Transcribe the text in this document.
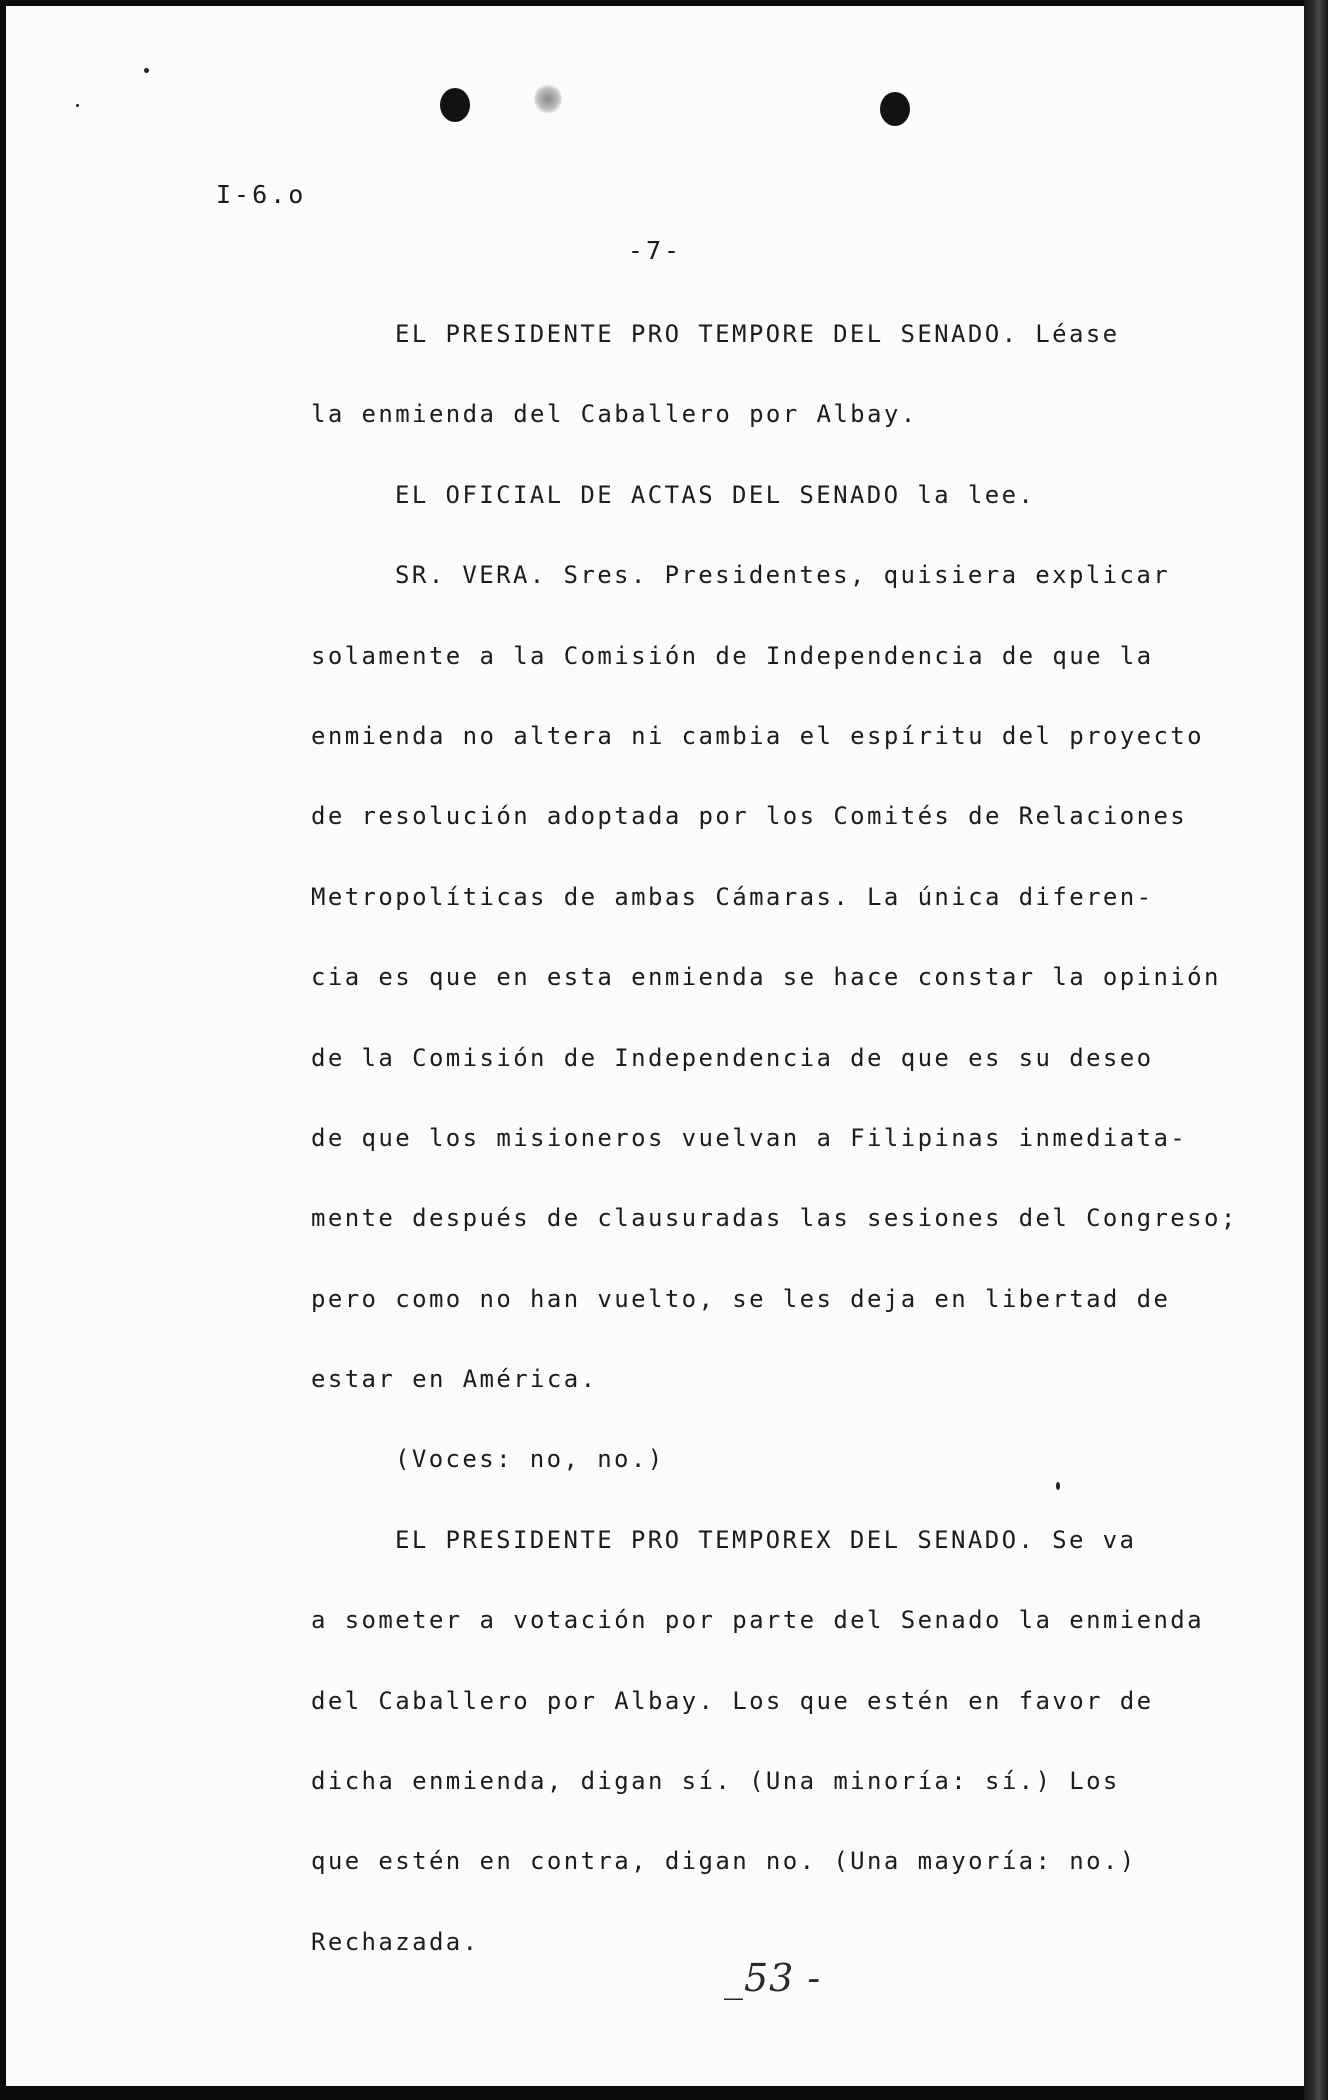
I-6.o
-7-
EL PRESIDENTE PRO TEMPORE DEL SENADO. Léase
la enmienda del Caballero por Albay.
EL OFICIAL DE ACTAS DEL SENADO la lee.
SR. VERA. Sres. Presidentes, quisiera explicar
solamente a la Comisión de Independencia de que la
enmienda no altera ni cambia el espíritu del proyecto
de resolución adoptada por los Comités de Relaciones
Metropolíticas de ambas Cámaras. La única diferen-
cia es que en esta enmienda se hace constar la opinión
de la Comisión de Independencia de que es su deseo
de que los misioneros vuelvan a Filipinas inmediata-
mente después de clausuradas las sesiones del Congreso;
pero como no han vuelto, se les deja en libertad de
estar en América.
(Voces: no, no.)
EL PRESIDENTE PRO TEMPOREX DEL SENADO. Se va
a someter a votación por parte del Senado la enmienda
del Caballero por Albay. Los que estén en favor de
dicha enmienda, digan sí. (Una minoría: sí.) Los
que estén en contra, digan no. (Una mayoría: no.)
Rechazada.
_53 -
